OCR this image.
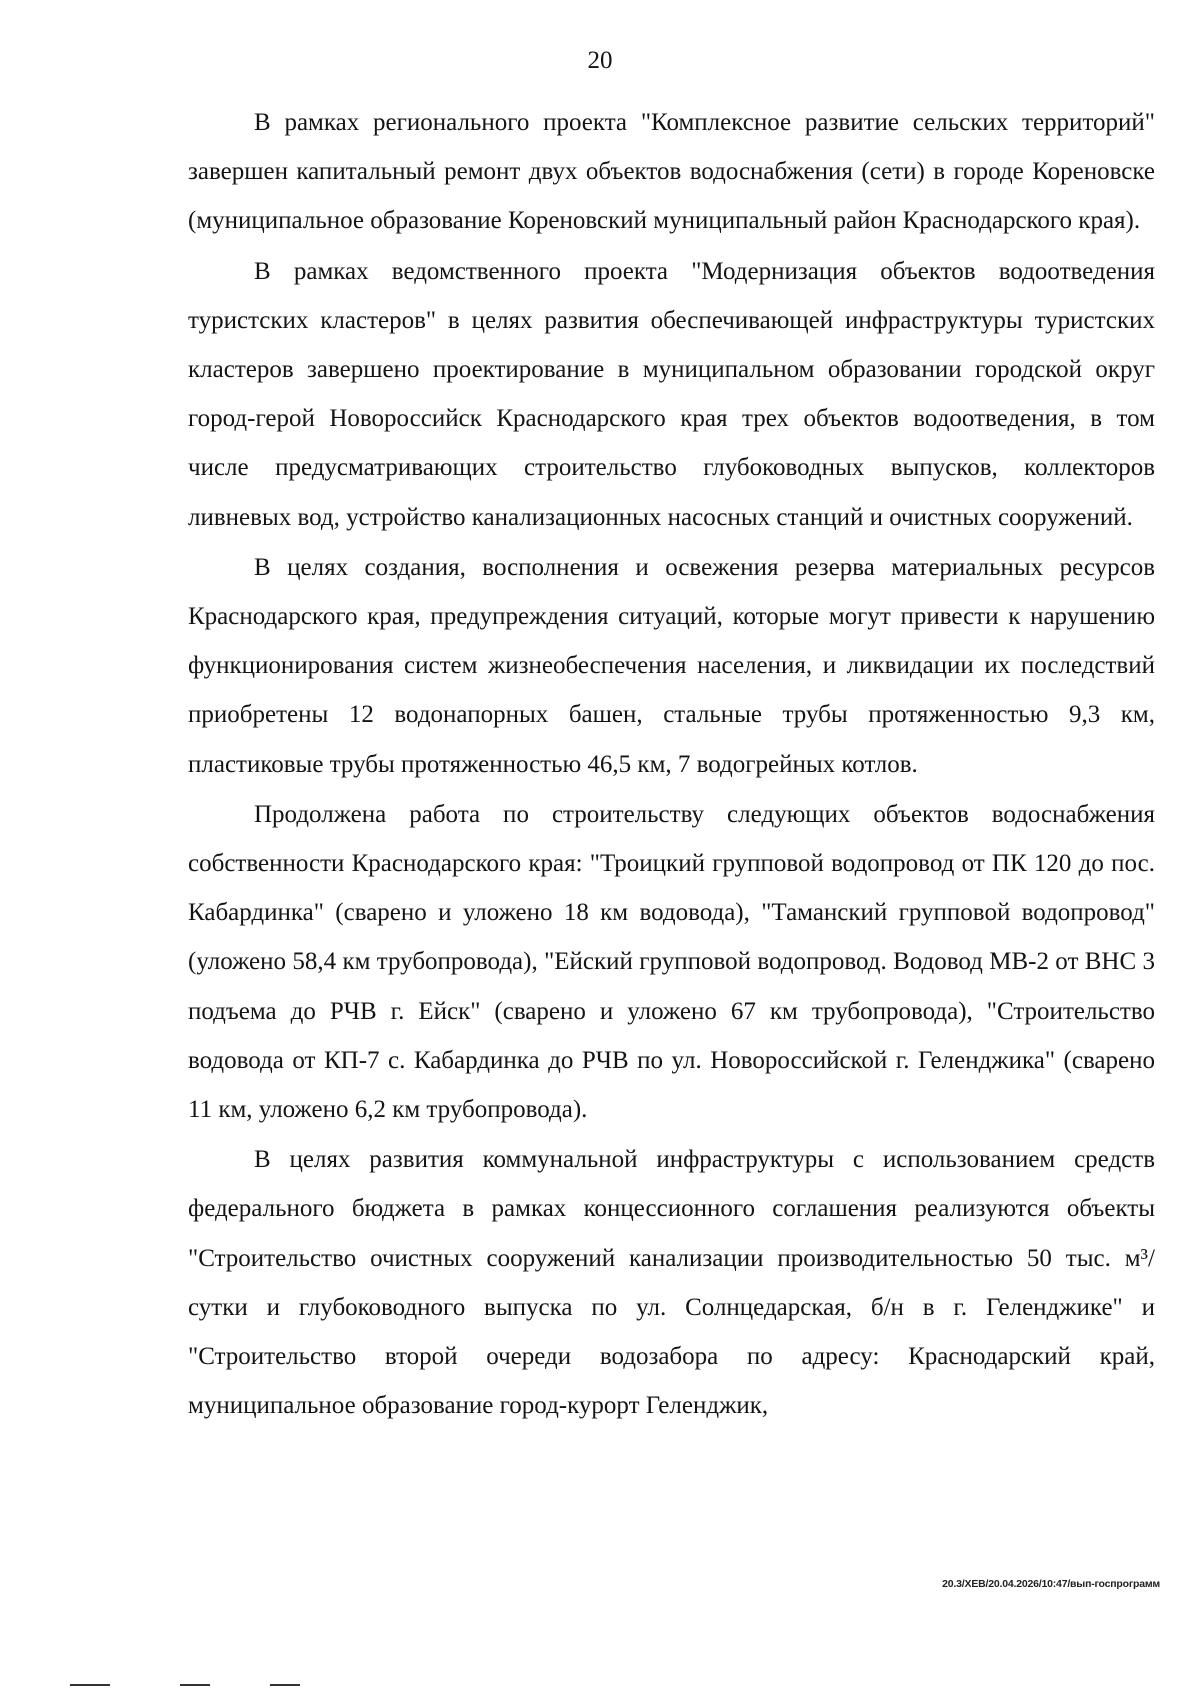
20

В рамках регионального проекта "Комплексное развитие сельских территорий" завершен капитальный ремонт двух объектов водоснабжения (сети) в городе Кореновске (муниципальное образование Кореновский муниципальный район Краснодарского края).

В рамках ведомственного проекта "Модернизация объектов водоотведения туристских кластеров" в целях развития обеспечивающей инфраструктуры туристских кластеров завершено проектирование в муниципальном образовании городской округ город-герой Новороссийск Краснодарского края трех объектов водоотведения, в том числе предусматривающих строительство глубоководных выпусков, коллекторов ливневых вод, устройство канализационных насосных станций и очистных сооружений.

В целях создания, восполнения и освежения резерва материальных ресурсов Краснодарского края, предупреждения ситуаций, которые могут привести к нарушению функционирования систем жизнеобеспечения населения, и ликвидации их последствий приобретены 12 водонапорных башен, стальные трубы протяженностью 9,3 км, пластиковые трубы протяженностью 46,5 км, 7 водогрейных котлов.

Продолжена работа по строительству следующих объектов водоснабжения собственности Краснодарского края: "Троицкий групповой водопровод от ПК 120 до пос. Кабардинка" (сварено и уложено 18 км водовода), "Таманский групповой водопровод" (уложено 58,4 км трубопровода), "Ейский групповой водопровод. Водовод МВ-2 от ВНС 3 подъема до РЧВ г. Ейск" (сварено и уложено 67 км трубопровода), "Строительство водовода от КП-7 с. Кабардинка до РЧВ по ул. Новороссийской г. Геленджика" (сварено 11 км, уложено 6,2 км трубопровода).

В целях развития коммунальной инфраструктуры с использованием средств федерального бюджета в рамках концессионного соглашения реализуются объекты "Строительство очистных сооружений канализации производительностью 50 тыс. м³/сутки и глубоководного выпуска по ул. Солнцедарская, б/н в г. Геленджике" и "Строительство второй очереди водозабора по адресу: Краснодарский край, муниципальное образование город-курорт Геленджик,

20.3/ХЕВ/20.04.2026/10:47/вып-госпрограмм
